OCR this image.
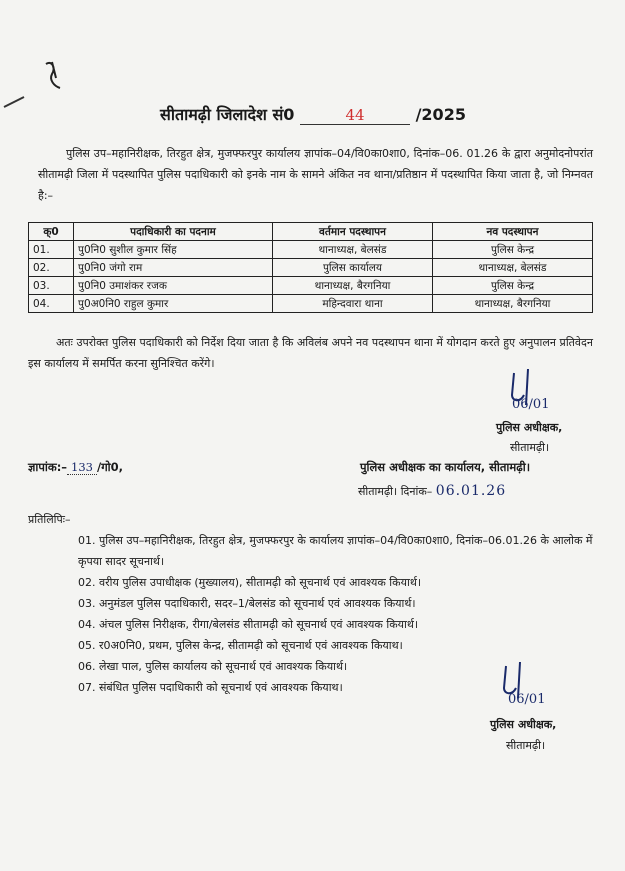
सीतामढ़ी जिलादेश सं0	44	/2025
पुलिस उप–महानिरीक्षक, तिरहुत क्षेत्र, मुजफ्फरपुर कार्यालय ज्ञापांक–04/वि0का0शा0, दिनांक–06. 01.26 के द्वारा अनुमोदनोपरांत सीतामढ़ी जिला में पदस्थापित पुलिस पदाधिकारी को इनके नाम के सामने अंकित नव थाना/प्रतिष्ठान में पदस्थापित किया जाता है, जो निम्नवत है:–
क्0	पदाधिकारी का पदनाम	वर्तमान पदस्थापन	नव पदस्थापन
01.	पु0नि0 सुशील कुमार सिंह	थानाध्यक्ष, बेलसंड	पुलिस केन्द्र
02.	पु0नि0 जंगो राम	पुलिस कार्यालय	थानाध्यक्ष, बेलसंड
03.	पु0नि0 उमाशंकर रजक	थानाध्यक्ष, बैरगनिया	पुलिस केन्द्र
04.	पु0अ0नि0 राहुल कुमार	महिन्दवारा थाना	थानाध्यक्ष, बैरगनिया
अतः उपरोक्त पुलिस पदाधिकारी को निर्देश दिया जाता है कि अविलंब अपने नव पदस्थापन थाना में योगदान करते हुए अनुपालन प्रतिवेदन इस कार्यालय में समर्पित करना सुनिश्चित करेंगे।
06/01
पुलिस अधीक्षक,
सीतामढ़ी।
ज्ञापांक:– 133 /गो0,	पुलिस अधीक्षक का कार्यालय, सीतामढ़ी।
सीतामढ़ी। दिनांक– 06.01.26
प्रतिलिपिः–
01. पुलिस उप–महानिरीक्षक, तिरहुत क्षेत्र, मुजफ्फरपुर के कार्यालय ज्ञापांक–04/वि0का0शा0, दिनांक–06.01.26 के आलोक में कृपया सादर सूचनार्थ।
02. वरीय पुलिस उपाधीक्षक (मुख्यालय), सीतामढ़ी को सूचनार्थ एवं आवश्यक कियार्थ।
03. अनुमंडल पुलिस पदाधिकारी, सदर–1/बेलसंड को सूचनार्थ एवं आवश्यक कियार्थ।
04. अंचल पुलिस निरीक्षक, रीगा/बेलसंड सीतामढ़ी को सूचनार्थ एवं आवश्यक कियार्थ।
05. र0अ0नि0, प्रथम, पुलिस केन्द्र, सीतामढ़ी को सूचनार्थ एवं आवश्यक कियाथ।
06. लेखा पाल, पुलिस कार्यालय को सूचनार्थ एवं आवश्यक कियार्थ।
07. संबंधित पुलिस पदाधिकारी को सूचनार्थ एवं आवश्यक कियाथ।
06/01
पुलिस अधीक्षक,
सीतामढ़ी।
